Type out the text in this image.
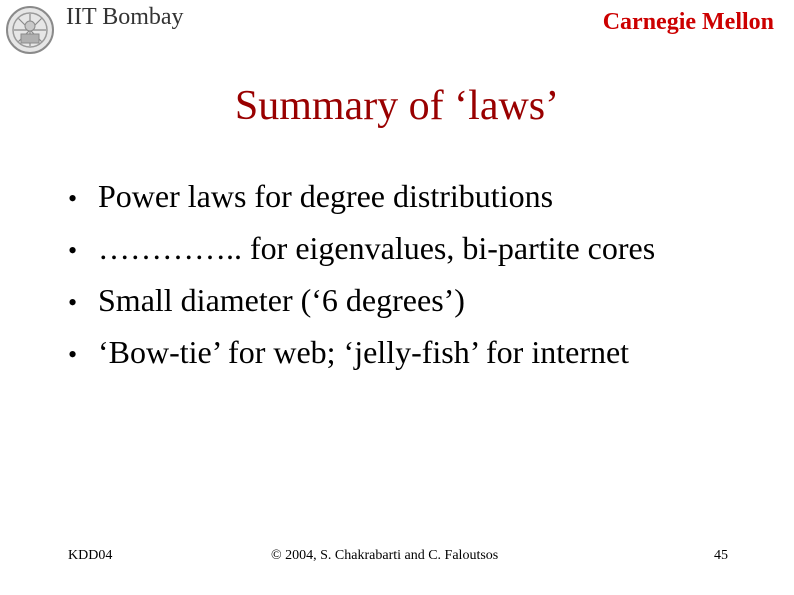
IIT Bombay	Carnegie Mellon
Summary of ‘laws’
• Power laws for degree distributions
• ………….. for eigenvalues, bi-partite cores
• Small diameter (‘6 degrees’)
• ‘Bow-tie’ for web; ‘jelly-fish’ for internet
KDD04	© 2004, S. Chakrabarti and C. Faloutsos	45
